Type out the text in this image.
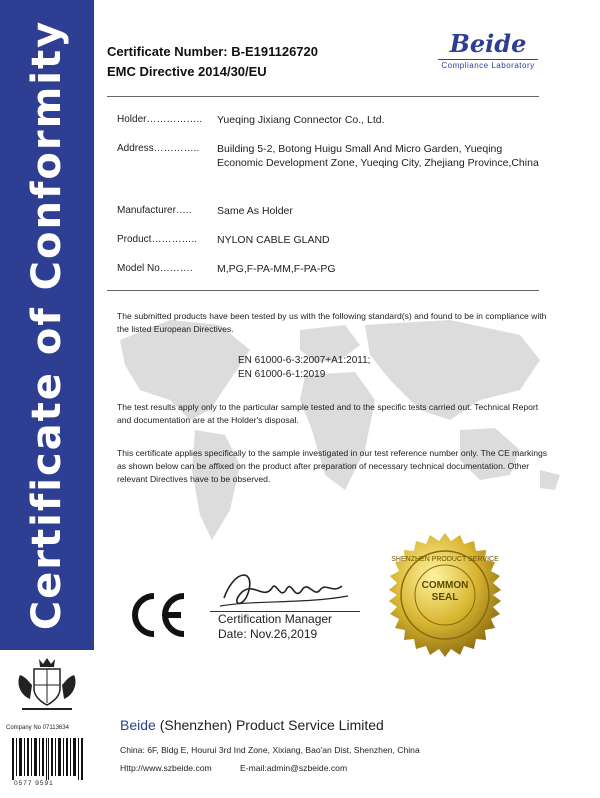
Certificate of Conformity	Certificate Number: B-E191126720
EMC Directive 2014/30/EU
Beide
Compliance Laboratory
Holder…………….. Yueqing Jixiang Connector Co., Ltd.
Address………….. Building 5-2, Botong Huigu Small And Micro Garden, Yueqing Economic Development Zone, Yueqing City, Zhejiang Province,China
Manufacturer….. Same As Holder
Product………….. NYLON CABLE GLAND
Model No………. M,PG,F-PA-MM,F-PA-PG
The submitted products have been tested by us with the following standard(s) and found to be in compliance with the listed European Directives.
EN 61000-6-3:2007+A1:2011;
EN 61000-6-1:2019
The test results apply only to the particular sample tested and to the specific tests carried out. Technical Report and documentation are at the Holder's disposal.
This certificate applies specifically to the sample investigated in our test reference number only. The CE markings as shown below can be affixed on the product after preparation of necessary technical documentation. Other relevant Directives have to be observed.
Certification Manager
Date: Nov.26,2019
SHENZHEN PRODUCT SERVICE
COMMON
SEAL
Company No 07113634
0577 9591
Beide (Shenzhen) Product Service Limited
China: 6F, Bldg E, Hourui 3rd Ind Zone, Xixiang, Bao'an Dist, Shenzhen, China
Http://www.szbeide.com	E-mail:admin@szbeide.com
